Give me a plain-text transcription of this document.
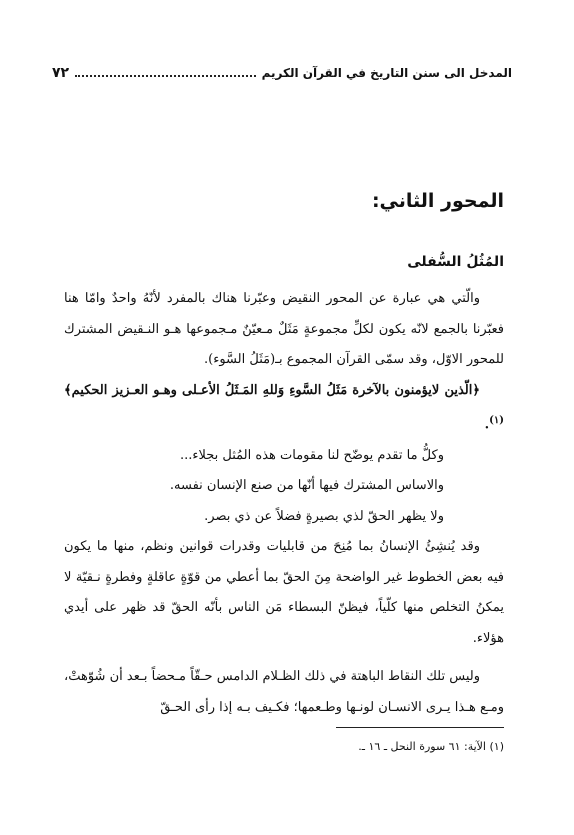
المدخل الى سنن التاريخ في القرآن الكريم
٧٢
المحور الثاني:
المُثُلُ السُّفلى

والّتي هي عبارة عن المحور النقيض وعبّرنا هناك بالمفرد لأنّهُ واحدٌ وامّا هنا فعبّرنا بالجمع لانّه يكون لكلِّ مجموعةٍ مَثَلٌ مـعيّنٌ مـجموعها هـو النـقيض المشترك للمحور الاوّل، وقد سمّى القرآن المجموع بـ(مَثَلُ السَّوء).

﴿الّذين لايؤمنون بالآخرة مَثَلُ السَّوءِ وَللهِ المَـثَلُ الأعـلى وهـو العـزيز الحكيم﴾$^{(١)}$.

وكلُّ ما تقدم يوضّح لنا مقومات هذه المُثل بجلاء...

والاساس المشترك فيها أنّها من صنع الإنسان نفسه.

ولا يظهر الحقّ لذي بصيرةٍ فضلاً عن ذي بصر.

وقد يُنشِئُ الإنسانُ بما مُنِحَ من قابليات وقدرات قوانين ونظم، منها ما يكون فيه بعض الخطوط غير الواضحة مِنَ الحقّ بما أعطي من قوّةٍ عاقلةٍ وفطرةٍ نـقيّة لا يمكنُ التخلص منها كلّياً، فيظنّ البسطاء مَن الناس بأنّه الحقّ قد ظهر على أيدي هؤلاء.

وليس تلك النقاط الباهتة في ذلك الظـلام الدامس حـقّاً مـحضاً بـعد أن شُوّهتْ، ومـع هـذا يـرى الانسـان لونـها وطـعمها؛ فكـيف بـه إذا رأى الحـقّ

(١) الآية: ٦١ سورة النحل ـ ١٦ ـ.
